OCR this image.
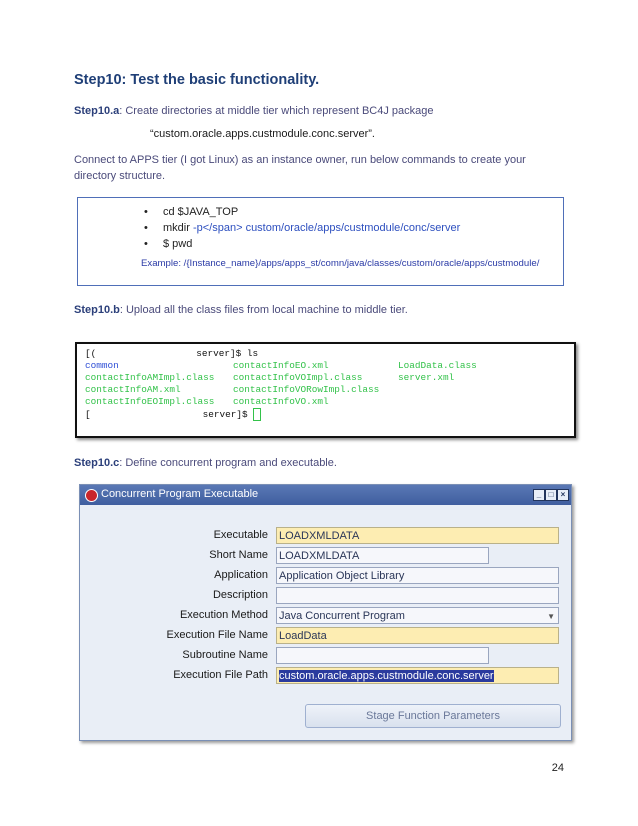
Step10: Test the basic functionality.
Step10.a: Create directories at middle tier which represent BC4J package
“custom.oracle.apps.custmodule.conc.server”.
Connect to APPS tier (I got Linux) as an instance owner, run below commands to create your directory structure.
• cd $JAVA_TOP
• mkdir -p</span> custom/oracle/apps/custmodule/conc/server
• $ pwd
Example: /{Instance_name}/apps/apps_st/comn/java/classes/custom/oracle/apps/custmodule/
Step10.b: Upload all the class files from local machine to middle tier.
[(	server]$ ls
common	contactInfoEO.xml	LoadData.class
contactInfoAMImpl.class contactInfoVOImpl.class	server.xml
contactInfoAM.xml	contactInfoVORowImpl.class
contactInfoEOImpl.class contactInfoVO.xml
[	server]$
Step10.c: Define concurrent program and executable.
Concurrent Program Executable	_ □ ×
Executable LOADXMLDATA
Short Name LOADXMLDATA
Application Application Object Library
Description
Execution Method Java Concurrent Program	▼
Execution File Name LoadData
Subroutine Name
Execution File Path custom.oracle.apps.custmodule.conc.server
Stage Function Parameters
24
